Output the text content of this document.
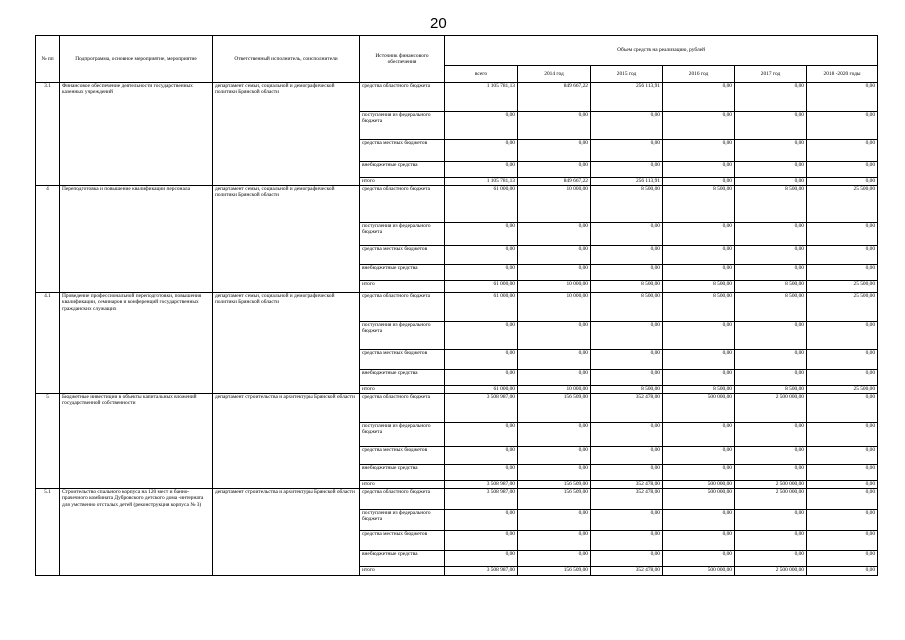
20
№ пп	Подпрограмма, основное мероприятие, мероприятие	Ответственный исполнитель, соисполнители	Источник финансового обеспечения	Объем средств на реализацию, рублей					
				всего	2014 год	2015 год	2016 год	2017 год	2018 -2020 годы
3.1	Финансовое обеспечение деятельности государственных казенных учреждений	департамент семьи, социальной и демографической политики Брянской области	средства областного бюджета	1 105 781,13	849 667,22	256 113,91	0,00	0,00	0,00
			поступления из федерального бюджета	0,00	0,00	0,00	0,00	0,00	0,00
			средства местных бюджетов	0,00	0,00	0,00	0,00	0,00	0,00
			внебюджетные средства	0,00	0,00	0,00	0,00	0,00	0,00
			итого	1 105 781,13	849 667,22	256 113,91	0,00	0,00	0,00
4	Переподготовка и повышение квалификации персонала	департамент семьи, социальной и демографической политики Брянской области	средства областного бюджета	61 000,00	10 000,00	8 500,00	8 500,00	8 500,00	25 500,00
			поступления из федерального бюджета	0,00	0,00	0,00	0,00	0,00	0,00
			средства местных бюджетов	0,00	0,00	0,00	0,00	0,00	0,00
			внебюджетные средства	0,00	0,00	0,00	0,00	0,00	0,00
			итого	61 000,00	10 000,00	8 500,00	8 500,00	8 500,00	25 500,00
4.1	Проведение профессиональной переподготовки, повышения квалификации, семинаров и конференций государственных гражданских служащих	департамент семьи, социальной и демографической политики Брянской области	средства областного бюджета	61 000,00	10 000,00	8 500,00	8 500,00	8 500,00	25 500,00
			поступления из федерального бюджета	0,00	0,00	0,00	0,00	0,00	0,00
			средства местных бюджетов	0,00	0,00	0,00	0,00	0,00	0,00
			внебюджетные средства	0,00	0,00	0,00	0,00	0,00	0,00
			итого	61 000,00	10 000,00	8 500,00	8 500,00	8 500,00	25 500,00
5	Бюджетные инвестиции в объекты капитальных вложений государственной собственности	департамент строительства и архитектуры Брянской области	средства областного бюджета	3 508 987,00	156 509,00	352 478,00	500 000,00	2 500 000,00	0,00
			поступления из федерального бюджета	0,00	0,00	0,00	0,00	0,00	0,00
			средства местных бюджетов	0,00	0,00	0,00	0,00	0,00	0,00
			внебюджетные средства	0,00	0,00	0,00	0,00	0,00	0,00
			итого	3 508 987,00	156 509,00	352 478,00	500 000,00	2 500 000,00	0,00
5.1	Строительство спального корпуса на 120 мест и банно-прачечного комбината Дубровского детского дома -интерната для умственно отсталых детей (реконструкция корпуса № 3)	департамент строительства и архитектуры Брянской области	средства областного бюджета	3 508 987,00	156 509,00	352 478,00	500 000,00	2 500 000,00	0,00
			поступления из федерального бюджета	0,00	0,00	0,00	0,00	0,00	0,00
			средства местных бюджетов	0,00	0,00	0,00	0,00	0,00	0,00
			внебюджетные средства	0,00	0,00	0,00	0,00	0,00	0,00
			итого	3 508 987,00	156 509,00	352 478,00	500 000,00	2 500 000,00	0,00
